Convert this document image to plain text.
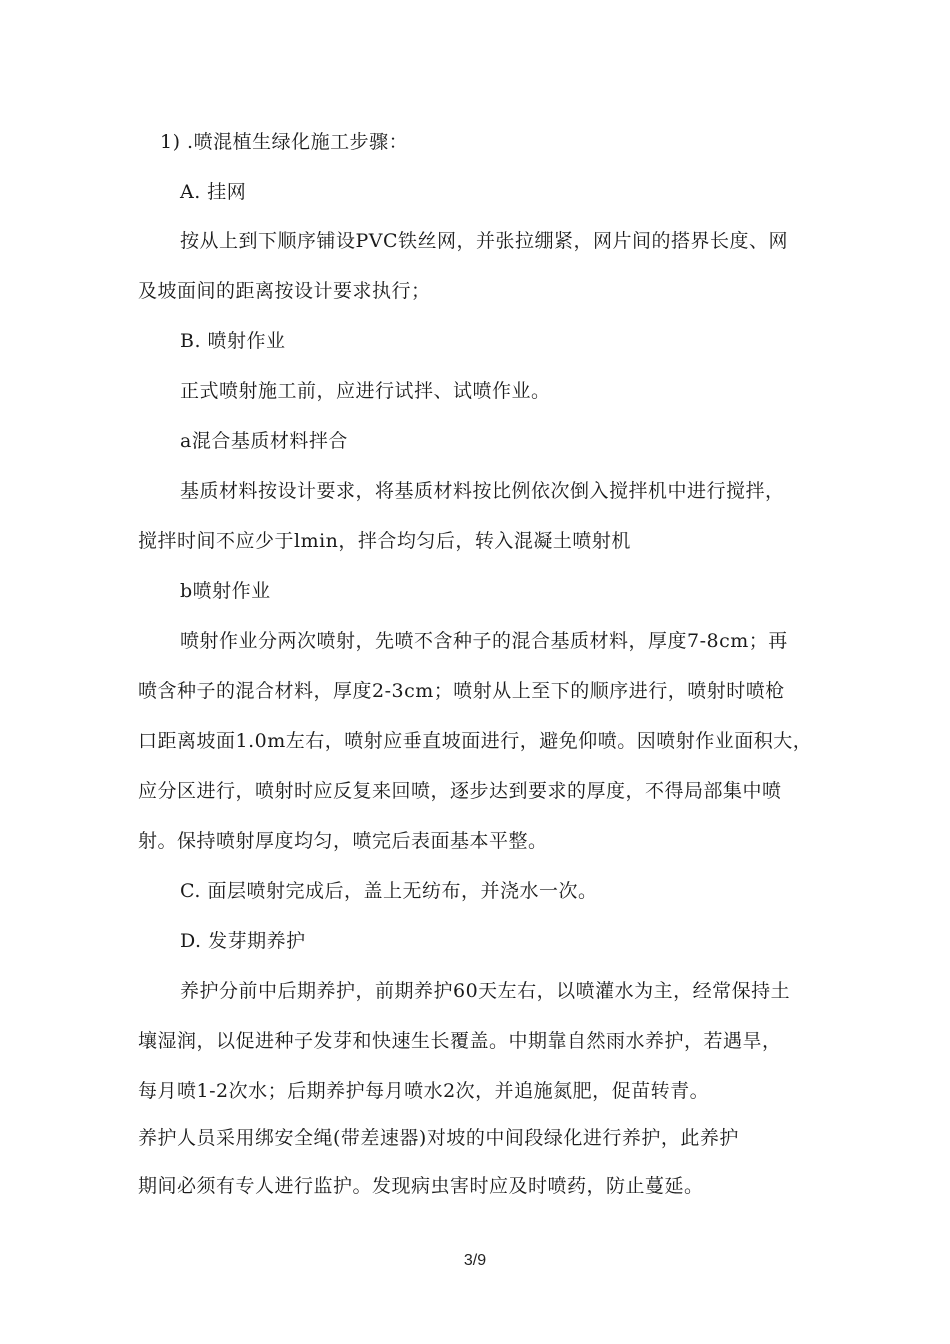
1) .喷混植生绿化施工步骤：
A. 挂网
按从上到下顺序铺设PVC铁丝网，并张拉绷紧，网片间的搭界长度、网
及坡面间的距离按设计要求执行；
B. 喷射作业
正式喷射施工前，应进行试拌、试喷作业。
a混合基质材料拌合
基质材料按设计要求，将基质材料按比例依次倒入搅拌机中进行搅拌，
搅拌时间不应少于lmin，拌合均匀后，转入混凝土喷射机
b喷射作业
喷射作业分两次喷射，先喷不含种子的混合基质材料，厚度7-8cm；再
喷含种子的混合材料，厚度2-3cm；喷射从上至下的顺序进行，喷射时喷枪
口距离坡面1.0m左右，喷射应垂直坡面进行，避免仰喷。因喷射作业面积大，
应分区进行，喷射时应反复来回喷，逐步达到要求的厚度，不得局部集中喷
射。保持喷射厚度均匀，喷完后表面基本平整。
C. 面层喷射完成后，盖上无纺布，并浇水一次。
D. 发芽期养护
养护分前中后期养护，前期养护60天左右，以喷灌水为主，经常保持土
壤湿润，以促进种子发芽和快速生长覆盖。中期靠自然雨水养护，若遇旱，
每月喷1-2次水；后期养护每月喷水2次，并追施氮肥，促苗转青。
养护人员采用绑安全绳(带差速器)对坡的中间段绿化进行养护，此养护
期间必须有专人进行监护。发现病虫害时应及时喷药，防止蔓延。
3/9
